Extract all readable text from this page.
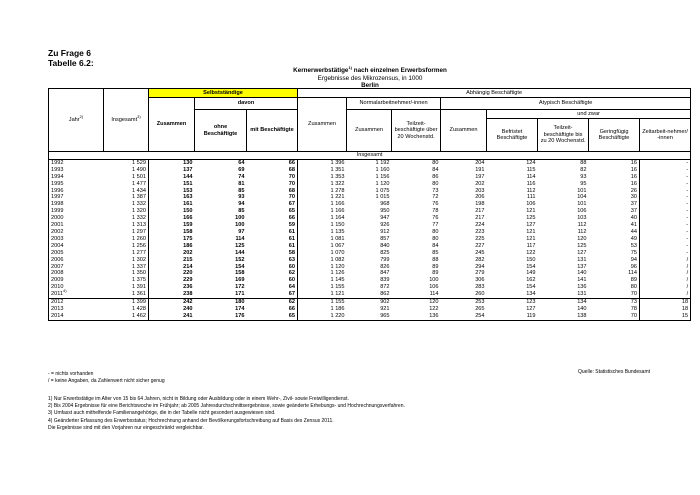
Zu Frage 6
Tabelle 6.2:
Kernerwerbstätige$^{1)}$ nach einzelnen Erwerbsformen
Ergebnisse des Mikrozensus, in 1000
Berlin
Jahr$^{2)}$	Insgesamt$^{3)}$	Selbstständige			Abhängig Beschäftigte							
		Zusammen	davon		Zusammen	Normalarbeitnehmer/-innen		Atypisch Beschäftigte				
			ohne Beschäftigte	mit Beschäftigte		Zusammen	Teilzeit-beschäftigte über 20 Wochenstd.	Zusammen	und zwar			
									Befristet Beschäftigte	Teilzeit-beschäftigte bis zu 20 Wochenstd.	Geringfügig Beschäftigte	Zeitarbeit-nehmer/ -innen
Insgesamt												
1992	1 529	130	64	66	1 396	1 192	80	204	124	88	16	-
1993	1 490	137	69	68	1 351	1 160	84	191	115	82	16	-
1994	1 501	144	74	70	1 353	1 156	86	197	114	93	16	-
1995	1 477	151	81	70	1 322	1 120	80	202	116	95	16	-
1996	1 434	153	85	68	1 278	1 075	73	203	112	101	26	-
1997	1 387	163	93	70	1 221	1 015	72	206	111	104	30	-
1998	1 332	161	94	67	1 166	968	76	198	106	101	37	-
1999	1 320	150	85	65	1 166	950	78	217	121	106	37	-
2000	1 332	166	100	66	1 164	947	76	217	125	103	40	-
2001	1 313	159	100	59	1 150	926	77	224	127	112	41	-
2002	1 297	158	97	61	1 135	912	80	223	121	112	44	-
2003	1 260	175	114	61	1 081	857	80	225	121	120	49	-
2004	1 256	186	125	61	1 067	840	84	227	117	125	53	-
2005	1 277	202	144	58	1 070	825	85	245	122	127	75	-
2006	1 302	215	152	63	1 082	799	88	282	150	131	94	/
2007	1 337	214	154	60	1 120	826	89	294	154	137	96	/
2008	1 350	220	158	62	1 126	847	89	279	149	140	114	/
2009	1 375	229	169	60	1 145	839	100	306	162	141	89	/
2010	1 391	236	172	64	1 155	872	106	283	154	136	80	/
2011$^{4)}$	1 361	238	171	67	1 121	862	114	260	134	131	70	/
2012	1 399	242	180	62	1 155	902	120	253	123	134	73	18
2013	1 428	240	174	66	1 186	921	122	265	127	140	78	18
2014	1 462	241	176	65	1 220	965	136	254	119	138	70	15
Quelle: Statistisches Bundesamt
- = nichts vorhanden
/ = keine Angaben, da Zahlenwert nicht sicher genug
1) Nur Erwerbstätige im Alter von 15 bis 64 Jahren, nicht in Bildung oder Ausbildung oder in einem Wehr-, Zivil- sowie Freiwilligendienst.
2) Bis 2004 Ergebnisse für eine Berichtswoche im Frühjahr; ab 2005 Jahresdurchschnittsergebnisse, sowie geänderte Erhebungs- und Hochrechnungsverfahren.
3) Umfasst auch mithelfende Familienangehörige, die in der Tabelle nicht gesondert ausgewiesen sind.
4) Geänderter Erfassung des Erwerbsstatus; Hochrechnung anhand der Bevölkerungsfortschreibung auf Basis des Zensus 2011.
Die Ergebnisse sind mit den Vorjahren nur eingeschränkt vergleichbar.
